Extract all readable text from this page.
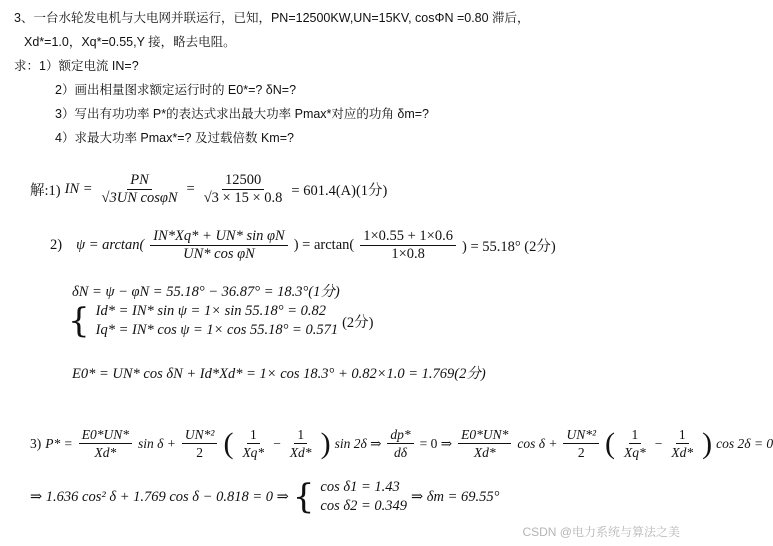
3、一台水轮发电机与大电网并联运行，已知，PN=12500KW,UN=15KV, cosΦN =0.80 滞后，
Xd*=1.0，Xq*=0.55,Y 接，略去电阻。
求：1）额定电流 IN=?
2）画出相量图求额定运行时的 E0*=? δN=?
3）写出有功功率 P*的表达式求出最大功率 Pmax*对应的功角 δm=?
4）求最大功率 Pmax*=? 及过载倍数 Km=?
解:1) IN = $\frac{PN}{\text{√3UN cosφN}} = \frac{12500}{√3 \times 15 \times 0.8} = 601.4(A)(1$分)
2) $\psi = \arctan( \frac{\text{IN*Xq* + UN* sin φN}}{\text{UN* cos φN}}$ ) = $\arctan( \frac{1\times 0.55 + 1\times 0.6}{1\times 0.8}$ ) = 55.18° (2分)
δN = ψ − φN = 55.18° − 36.87° = 18.3°(1分)
{ Id* = IN* sin ψ = 1× sin 55.18° = 0.82
Iq* = IN* cos ψ = 1× cos 55.18° = 0.571 (2分)
E0* = UN* cos δN + Id*Xd* = 1× cos 18.3° + 0.82×1.0 = 1.769(2分)
3) $P* = \frac{E0*UN*}{Xd*}$ $\sin \delta + \frac{\text{UN*²}}{2}$ ( $\frac{1}{Xq*} - \frac{1}{Xd*}$ ) sin 2δ ⇒ $\frac{dp*}{d\delta} = 0$ ⇒ $\frac{E0*UN*}{Xd*}$ $\cos \delta + \frac{\text{UN*²}}{2}$ ( $\frac{1}{Xq*} - \frac{1}{Xd*}$ ) cos 2δ = 0
⇒ 1.636 cos² δ + 1.769 cos δ − 0.818 = 0 ⇒ { cos δ1 = 1.43
cos δ2 = 0.349
⇒ δm = 69.55°
CSDN @电力系统与算法之美
